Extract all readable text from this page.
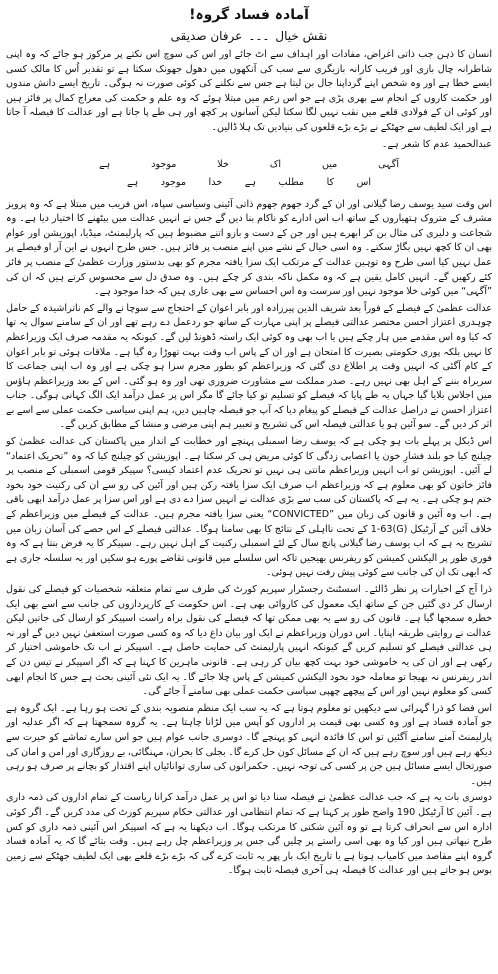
آمادہ فساد گروہ!
نقش خیال۔۔۔عرفان صدیقی

انسان کا ذہن جب ذاتی اغراض، مفادات اور اہداف سے اٹ جائے اور اس کی سوچ اس نکتے پر مرکوز ہو جائے کہ وہ اپنی شاطرانہ چال بازی اور فریب کارانہ بازیگری سے سب کی آنکھوں میں دھول جھونک سکتا ہے تو تقدیر اُس کا مالک کسی ایسے خطا ہے اور وہ شخص اپنے گرداپنا جال بن لیتا ہے جس سے نکلنے کی کوئی صورت نہ ہوگی۔ تاریخ ایسے دانش مندوں اور حکمت کاروں کے انجام سے بھری پڑی ہے جو اس زعم میں مبتلا ہوئے کہ وہ علم و حکمت کی معراج کمال پر فائز ہیں اور کوئی ان کے فولادی قلعے میں نقب نہیں لگا سکتا لیکن آسانوں پر کچھ اور ہی طے پا جاتا ہے اور عدالت کا فیصلہ آ جاتا ہے اور ایک لطیف سے جھٹکے نے بڑے بڑے قلعوں کی بنیادیں تک ہلا ڈالیں۔

عبدالحمید عدم کا شعر ہے۔
آگہی
میں
اک
خلا
موجود
ہے
اس
کا
مطلب
ہے
خدا
موجود
ہے

اس وقت سید یوسف رضا گیلانی اور ان کے گرد جھوم جھوم ذاتی آئینی وسیاسی سپاہ، اس فریب میں مبتلا ہے کہ وہ پرویز مشرف کے متروک ہتھیاروں کے ساتھ اب اس ادارے کو ناکام بنا دیں گے جس نے انہیں عدالت میں بیٹھنے کا اختیار دیا ہے۔ وہ شجاعت و دلیری کی مثال بن کر ابھرے ہیں اور جن کے دست و بازو اتنے مضبوط ہیں کہ پارلیمنٹ، میڈیا، اپوزیشن اور عوام بھی ان کا کچھ نہیں بگاڑ سکتے۔ وہ اسی خیال کے نشے میں اپنے منصب پر فائز ہیں۔ جس طرح انہوں نے این آر او فیصلے پر عمل نہیں کیا اسی طرح وہ توہین عدالت کے مرتکب ایک سزا یافتہ مجرم کو بھی بدستور وزارت عظمیٰ کے منصب پر فائز کئے رکھیں گے۔ انہیں کامل یقین ہے کہ وہ مکمل ناکہ بندی کر چکے ہیں۔ وہ صدق دل سے محسوس کرتے ہیں کہ ان کی ”آگہی“ میں کوئی خلا موجود نہیں اور سرست وہ اس احساس سے بھی عاری ہیں کہ خدا موجود ہے۔

عدالت عظمیٰ کے فیصلے کے فوراً بعد شریف الدین پیرزادہ اور بابر اعوان کے احتجاج سے سوچا نے والے کم ناتراشیدہ کے حامل چوہدری اعتزاز احسن مختصر عدالتی فیصلے پر اپنی مہارت کے ساتھ جو ردعمل دے رہے تھے اور ان کے سامنے سوال یہ تھا کہ کیا وہ اس مقدمے میں ہار چکے ہیں یا اب بھی وہ کوئی ایک راستہ ڈھونڈ لیں گے۔ کیونکہ یہ مقدمہ صرف ایک وزیراعظم کا نہیں بلکہ پوری حکومتی بصیرت کا امتحان ہے اور ان کے پاس اب وقت بہت تھوڑا رہ گیا ہے۔ ملاقات ہوئی تو بابر اعوان کے کام آگئی کہ انہیں وقت پر اطلاع دی گئی کہ وزیراعظم کو بطور مجرم سزا ہو چکی ہے اور وہ اب اپنی جماعت کا سربراہ بننے کے اہل بھی نہیں رہے۔ صدر مملکت سے مشاورت ضروری تھی اور وہ ہو گئی۔ اس کے بعد وزیراعظم ہاؤس میں اجلاس بلایا گیا جہاں یہ طے پایا کہ فیصلے کو تسلیم تو کیا جائے گا مگر اس پر عمل درآمد ایک الگ کہانی ہوگی۔ جناب اعتزاز احسن نے دراصل عدالت کے فیصلے کو پیغام دیا کہ آپ جو فیصلہ چاہیں دیں، ہم اپنی سیاسی حکمت عملی سے اسے بے اثر کر دیں گے۔ سو آئین ہو یا عدالتی فیصلہ اس کی تشریح و تعبیر ہم اپنی مرضی و منشا کے مطابق کریں گے۔

اس ڈیکل پر پہلے بات ہو چکی ہے کہ یوسف رضا اسمبلی پہنچے اور خطابت کے انداز میں پاکستان کی عدالت عظمیٰ کو چیلنج کیا جو بلند فشارِ خون یا اعصابی زدگی کا کوئی مریض ہی کر سکتا ہے۔ اپوزیشن کو چیلنج کیا کہ وہ ”تحریک اعتماد“ لے آئیں۔ اپوزیشن تو اب انہیں وزیراعظم مانتی ہی نہیں تو تحریک عدم اعتماد کیسی؟ سپیکر قومی اسمبلی کے منصب پر فائز خاتون کو بھی معلوم ہے کہ وزیراعظم اب صرف ایک سزا یافتہ رکن ہیں اور آئین کی رو سے ان کی رکنیت خود بخود ختم ہو چکی ہے۔ یہ ہے کہ پاکستان کی سب سے بڑی عدالت نے انہیں سزا دے دی ہے اور اس سزا پر عمل درآمد ابھی باقی ہے۔ اب وہ آئین و قانون کی زبان میں ”CONVICTED“ یعنی سزا یافتہ مجرم ہیں۔ عدالت کے فیصلے میں وزیراعظم کے خلاف آئین کے آرٹیکل (G)1-63 کے تحت نااہلی کے نتائج کا بھی سامنا ہوگا۔ عدالتی فیصلے کے اس حصے کی آسان زبان میں تشریح یہ ہے کہ اب یوسف رضا گیلانی پانچ سال کے لئے اسمبلی رکنیت کے اہل نہیں رہے۔ سپیکر کا یہ فرض بنتا ہے کہ وہ فوری طور پر الیکشن کمیشن کو ریفرنس بھیجیں تاکہ اس سلسلے میں قانونی تقاضے پورے ہو سکیں اور یہ سلسلہ جاری ہے کہ ابھی تک ان کی جانب سے کوئی پیش رفت نہیں ہوئی۔

ذرا آج کے اخبارات پر نظر ڈالئے۔ اسسٹنٹ رجسٹرار سپریم کورٹ کی طرف سے تمام متعلقہ شخصیات کو فیصلے کی نقول ارسال کر دی گئیں جن کے ساتھ ایک معمول کی کاروائی بھی ہے۔ اس حکومت کے کارپردازوں کی جانب سے اسے بھی ایک خطرہ سمجھا گیا ہے۔ قانون کی رو سے یہ بھی ممکن تھا کہ فیصلے کی نقول براہ راست اسپیکر کو ارسال کی جاتیں لیکن عدالت نے روایتی طریقہ اپنایا۔ اس دوران وزیراعظم نے ایک اور بیان داغ دیا کہ وہ کسی صورت استعفیٰ نہیں دیں گے اور نہ ہی عدالتی فیصلے کو تسلیم کریں گے کیونکہ انہیں پارلیمنٹ کی حمایت حاصل ہے۔ اسپیکر نے اب تک خاموشی اختیار کر رکھی ہے اور ان کی یہ خاموشی خود بہت کچھ بیان کر رہی ہے۔ قانونی ماہرین کا کہنا ہے کہ اگر اسپیکر نے تیس دن کے اندر ریفرنس نہ بھیجا تو معاملہ خود بخود الیکشن کمیشن کے پاس چلا جائے گا۔ یہ ایک نئی آئینی بحث ہے جس کا انجام ابھی کسی کو معلوم نہیں اور اس کے پیچھے چھپی سیاسی حکمت عملی بھی سامنے آ جائے گی۔

اس فضا کو ذرا گہرائی سے دیکھیں تو معلوم ہوتا ہے کہ یہ سب ایک منظم منصوبہ بندی کے تحت ہو رہا ہے۔ ایک گروہ ہے جو آمادہ فساد ہے اور وہ کسی بھی قیمت پر اداروں کو آپس میں لڑانا چاہتا ہے۔ یہ گروہ سمجھتا ہے کہ اگر عدلیہ اور پارلیمنٹ آمنے سامنے آگئیں تو اس کا فائدہ انہی کو پہنچے گا۔ دوسری جانب عوام ہیں جو اس سارے تماشے کو حیرت سے دیکھ رہے ہیں اور سوچ رہے ہیں کہ ان کے مسائل کون حل کرے گا۔ بجلی کا بحران، مہنگائی، بے روزگاری اور امن و امان کی صورتحال ایسے مسائل ہیں جن پر کسی کی توجہ نہیں۔ حکمرانوں کی ساری توانائیاں اپنے اقتدار کو بچانے پر صرف ہو رہی ہیں۔

دوسری بات یہ ہے کہ جب عدالت عظمیٰ نے فیصلہ سنا دیا تو اس پر عمل درآمد کرانا ریاست کے تمام اداروں کی ذمہ داری ہے۔ آئین کا آرٹیکل 190 واضح طور پر کہتا ہے کہ تمام انتظامی اور عدالتی حکام سپریم کورٹ کی مدد کریں گے۔ اگر کوئی ادارہ اس سے انحراف کرتا ہے تو وہ آئین شکنی کا مرتکب ہوگا۔ اب دیکھنا یہ ہے کہ اسپیکر اس آئینی ذمہ داری کو کس طرح نبھاتی ہیں اور کیا وہ بھی اسی راستے پر چلیں گی جس پر وزیراعظم چل رہے ہیں۔ وقت بتائے گا کہ یہ آمادہ فساد گروہ اپنے مقاصد میں کامیاب ہوتا ہے یا تاریخ ایک بار پھر یہ ثابت کرے گی کہ بڑے بڑے قلعے بھی ایک لطیف جھٹکے سے زمین بوس ہو جاتے ہیں اور عدالت کا فیصلہ ہی آخری فیصلہ ثابت ہوگا۔
